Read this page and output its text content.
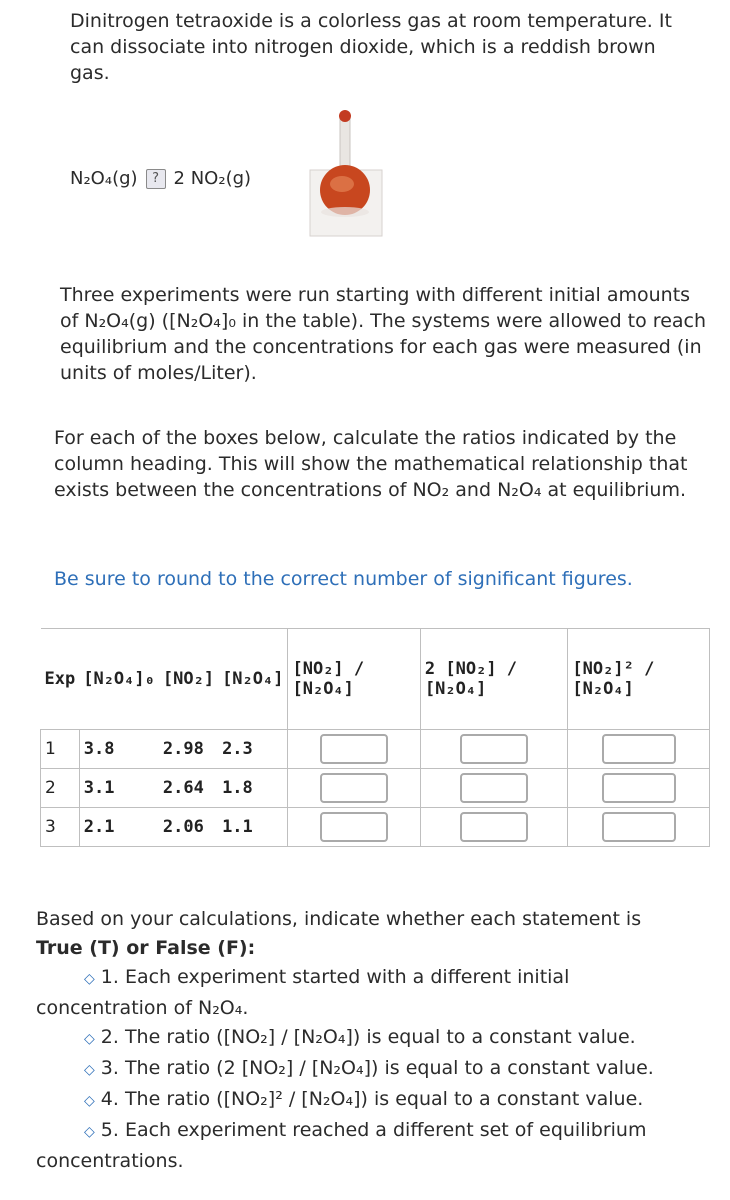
Dinitrogen tetraoxide is a colorless gas at room temperature. It can dissociate into nitrogen dioxide, which is a reddish brown gas.
N₂O₄(g)	? 2 NO₂(g)
Three experiments were run starting with different initial amounts of N₂O₄(g) ([N₂O₄]₀ in the table). The systems were allowed to reach equilibrium and the concentrations for each gas were measured (in units of moles/Liter).
For each of the boxes below, calculate the ratios indicated by the column heading. This will show the mathematical relationship that exists between the concentrations of NO₂ and N₂O₄ at equilibrium.
Be sure to round to the correct number of significant figures.
Exp	[N₂O₄]₀	[NO₂]	[N₂O₄]	[NO₂] / [N₂O₄]	2 [NO₂] / [N₂O₄]	[NO₂]² / [N₂O₄]
1	3.8	2.98	2.3	

2	3.1	2.64	1.8	

3	2.1	2.06	1.1	

Based on your calculations, indicate whether each statement is
True (T) or False (F):
◇ 1. Each experiment started with a different initial
concentration of N₂O₄.
◇ 2. The ratio ([NO₂] / [N₂O₄]) is equal to a constant value.
◇ 3. The ratio (2 [NO₂] / [N₂O₄]) is equal to a constant value.
◇ 4. The ratio ([NO₂]² / [N₂O₄]) is equal to a constant value.
◇ 5. Each experiment reached a different set of equilibrium
concentrations.
